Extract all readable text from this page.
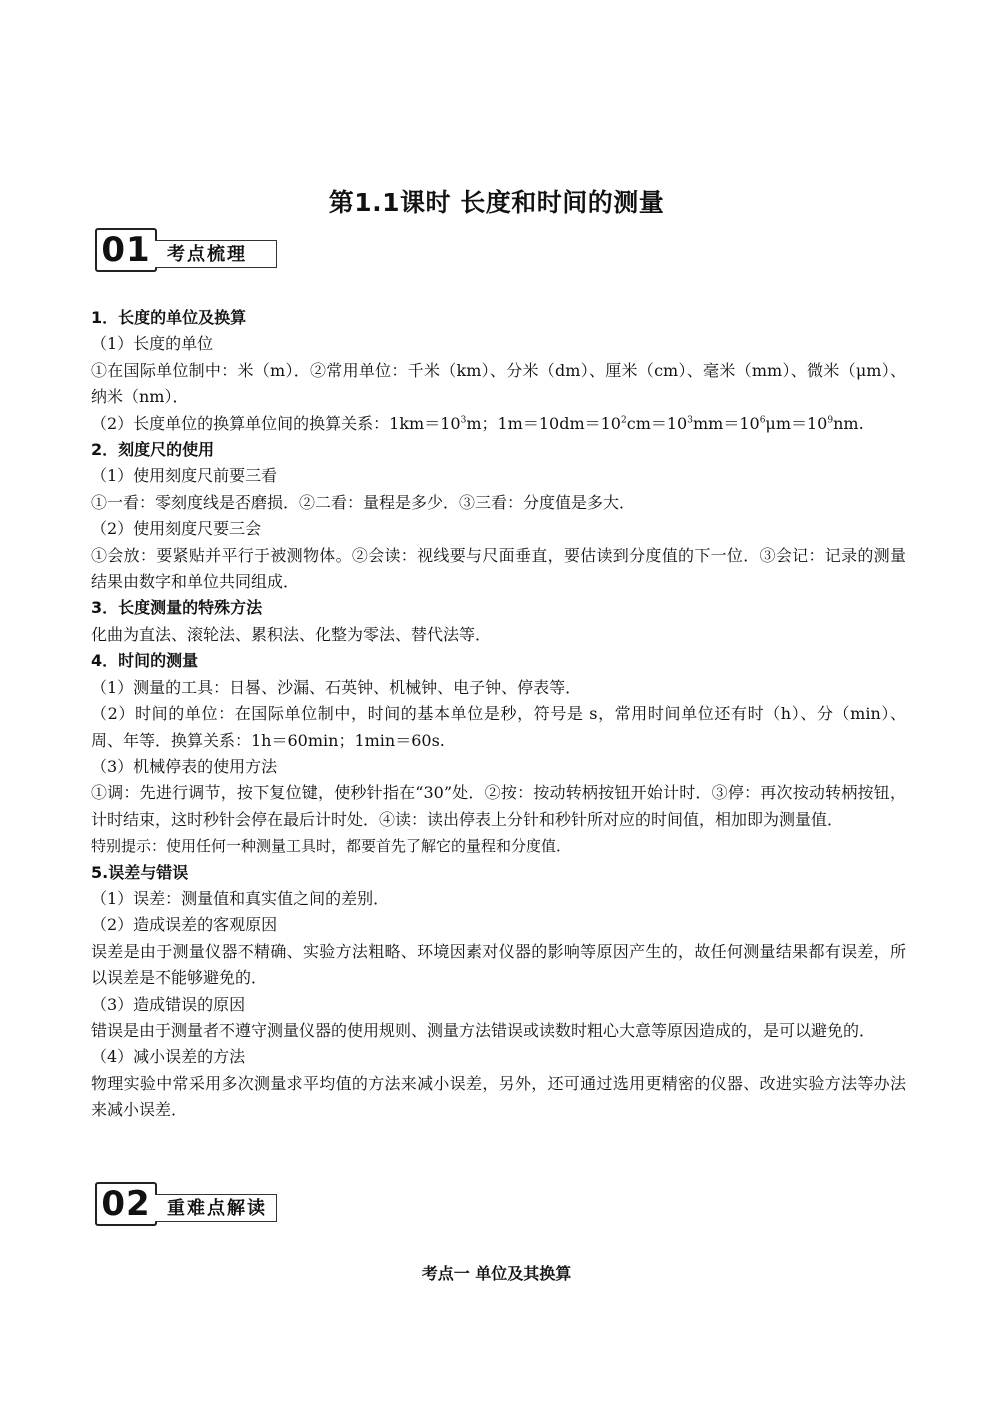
第1.1课时 长度和时间的测量
01 考点梳理
1．长度的单位及换算
（1）长度的单位
①在国际单位制中：米（m）．②常用单位：千米（km）、分米（dm）、厘米（cm）、毫米（mm）、微米（μm）、纳米（nm）．
（2）长度单位的换算单位间的换算关系：$1km=10^3m$；$1m=10dm=10^2cm=10^3mm=10^6\mu m=10^9nm$.
2．刻度尺的使用
（1）使用刻度尺前要三看
①一看：零刻度线是否磨损．②二看：量程是多少．③三看：分度值是多大．
（2）使用刻度尺要三会
①会放：要紧贴并平行于被测物体。②会读：视线要与尺面垂直，要估读到分度值的下一位．③会记：记录的测量结果由数字和单位共同组成．
3．长度测量的特殊方法
化曲为直法、滚轮法、累积法、化整为零法、替代法等．
4．时间的测量
（1）测量的工具：日晷、沙漏、石英钟、机械钟、电子钟、停表等．
（2）时间的单位：在国际单位制中，时间的基本单位是秒，符号是 s，常用时间单位还有时（h）、分（min）、周、年等．换算关系：1h＝60min；1min＝60s.
（3）机械停表的使用方法
①调：先进行调节，按下复位键，使秒针指在“30”处．②按：按动转柄按钮开始计时．③停：再次按动转柄按钮，计时结束，这时秒针会停在最后计时处．④读：读出停表上分针和秒针所对应的时间值，相加即为测量值．
特别提示：使用任何一种测量工具时，都要首先了解它的量程和分度值．
5.误差与错误
（1）误差：测量值和真实值之间的差别．
（2）造成误差的客观原因
误差是由于测量仪器不精确、实验方法粗略、环境因素对仪器的影响等原因产生的，故任何测量结果都有误差，所以误差是不能够避免的．
（3）造成错误的原因
错误是由于测量者不遵守测量仪器的使用规则、测量方法错误或读数时粗心大意等原因造成的，是可以避免的．
（4）减小误差的方法
物理实验中常采用多次测量求平均值的方法来减小误差，另外，还可通过选用更精密的仪器、改进实验方法等办法来减小误差．
02 重难点解读
考点一 单位及其换算
